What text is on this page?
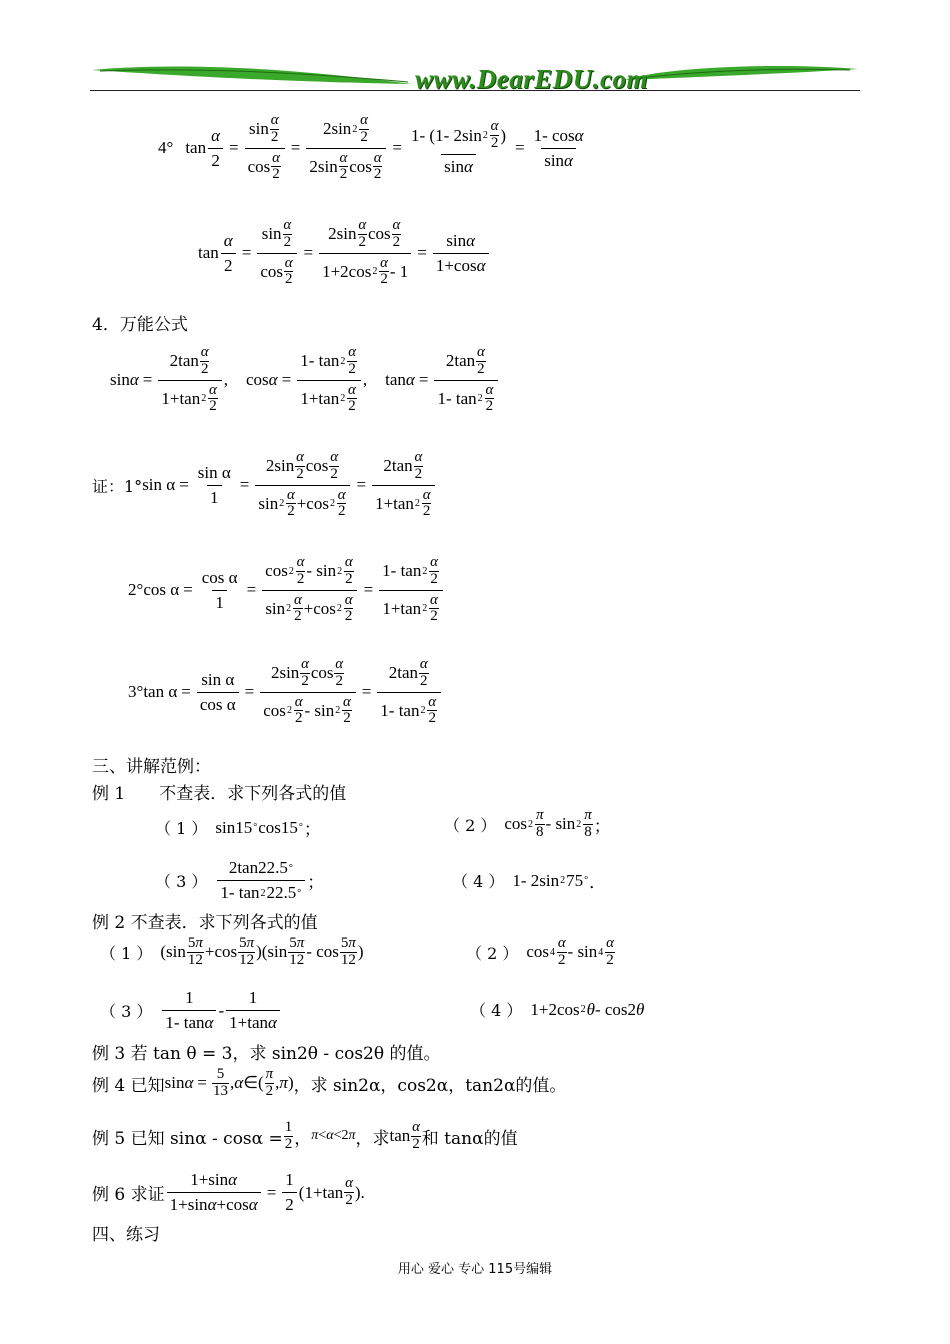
www.DearEDU.com
4° $\tan \frac{\alpha}{2} = \sin \alpha$
2
cos α
2 = 2sin 2
α
2
2sin α
2 cos α
2 = 1- (1- 2sin 2
α
2 )
$\sin \alpha = \frac{\text{1- cos α}}{\text{sin α}}$
$\tan \frac{\alpha}{2} = \sin \alpha$
2
cos α
2 = 2sin α
2 cos α
2
1+2cos 2
α
$2 - 1 = \frac{\text{sin α}}{\text{1+cos α}}$
4．万能公式
sin α = 2tan α
2
1+tan 2
α
2 ,
cos α = 1- tan 2
α
2
1+tan 2
α
2 ,
tan α = 2tan α
2
1- tan 2
α
2
证：1° $\sin \alpha = \frac{\text{sin α}}{1} = 2\sin$ α
2 cos α
2
sin 2
α
2 +cos 2
α
2 = 2tan α
2
1+tan 2
α
2
2° $\cos \alpha = \frac{\text{cos α}}{1} = \cos 2$
α
2 - sin 2
α
2
sin 2
α
2 +cos 2
α
2 = 1- tan 2
α
2
1+tan 2
α
2
3° $\tan \alpha = \frac{\text{sin α}}{\text{cos α}} = 2\sin$ α
2 cos α
2
cos 2
α
2 - sin 2
α
2 = 2tan α
2
1- tan 2
α
2
三、讲解范例：
例 1　　不查表．求下列各式的值
（ 1 ） sin15 ° cos15 ° ；	（ 2 ） cos 2
π
8 - sin 2
π
8 ；
（ 3 ）
2tan22.5 °
1- tan 2 22.5 °
；	（ 4 ） 1- 2sin 2 75 ° ．
例 2 不查表．求下列各式的值
（ 1 ） (sin 5π
12 +cos 5π
12 )(sin 5π
12 - cos 5π
12 )	（ 2 ） cos 4
α
2 - sin 4
α
2
（ 3 ）
1
1- tan α
-
1
1+tan α
（ 4 ） 1+2cos 2 θ - cos2 θ
例 3 若 tan θ = 3，求 sin2θ - cos2θ 的值。
例 4 已知 $\sin\alpha = \frac{5}{13}$ ,α∈( π
2 ,π) ，求 sin2α，cos2α，tan2α的值。
例 5 已知 $\sin\alpha - \cos\alpha = \frac{1}{2}$ ， π<α<2π ，求 tan α
2 和 tanα的值
例 6 求证 $\frac{\text{1+sin α}}{\text{1+sin α +cos α}} = \frac{1}{2} (1+\tan$ α
2 ).
四、练习
用心 爱心 专心 115号编辑
